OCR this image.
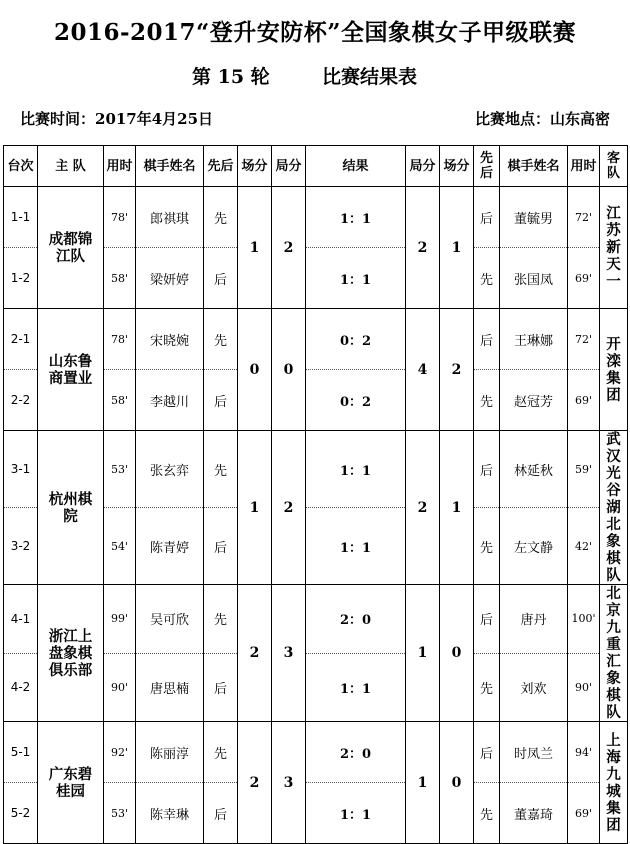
2016-2017“登升安防杯”全国象棋女子甲级联赛
第 15 轮	比赛结果表
比赛时间：2017年4月25日	比赛地点：山东高密
台次	主 队	用时	棋手姓名	先后	场分	局分	结果	局分	场分	先后	棋手姓名	用时	客 队
1-1	成都锦江队	78'	郎祺琪	先	1	2	1：1	2	1	后	董毓男	72'	江苏新天一
1-2		58'	梁妍婷	后			1：1			先	张国凤	69'	
2-1	山东鲁商置业	78'	宋晓婉	先	0	0	0：2	4	2	后	王琳娜	72'	开滦集团
2-2		58'	李越川	后			0：2			先	赵冠芳	69'	
3-1	杭州棋院	53'	张玄弈	先	1	2	1：1	2	1	后	林延秋	59'	武汉光谷湖北象棋队
3-2		54'	陈青婷	后			1：1			先	左文静	42'	
4-1	浙江上盘象棋俱乐部	99'	吴可欣	先	2	3	2：0	1	0	后	唐丹	100'	北京九重汇象棋队
4-2		90'	唐思楠	后			1：1			先	刘欢	90'	
5-1	广东碧桂园	92'	陈丽淳	先	2	3	2：0	1	0	后	时凤兰	94'	上海九城集团
5-2		53'	陈幸琳	后			1：1			先	董嘉琦	69'	
